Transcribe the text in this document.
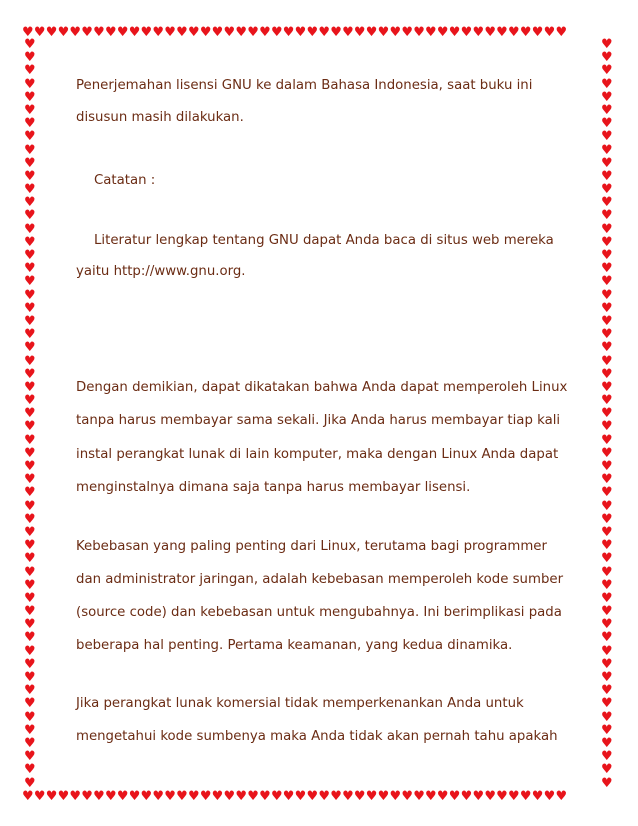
♥♥♥♥♥♥♥♥♥♥♥♥♥♥♥♥♥♥♥♥♥♥♥♥♥♥♥♥♥♥♥♥♥♥♥♥♥♥♥♥♥♥♥♥♥♥
♥♥♥♥♥♥♥♥♥♥♥♥♥♥♥♥♥♥♥♥♥♥♥♥♥♥♥♥♥♥♥♥♥♥♥♥♥♥♥♥♥♥♥♥♥♥
♥
♥
♥
♥
♥
♥
♥
♥
♥
♥
♥
♥
♥
♥
♥
♥
♥
♥
♥
♥
♥
♥
♥
♥
♥
♥
♥
♥
♥
♥
♥
♥
♥
♥
♥
♥
♥
♥
♥
♥
♥
♥
♥
♥
♥
♥
♥
♥
♥
♥
♥
♥
♥
♥
♥
♥
♥
♥
♥
♥
♥
♥
♥
♥
♥
♥
♥
♥
♥
♥
♥
♥
♥
♥
♥
♥
♥
♥
♥
♥
♥
♥
♥
♥
♥
♥
♥
♥
♥
♥
♥
♥
♥
♥
♥
♥
♥
♥
♥
♥
♥
♥
♥
♥
♥
♥
♥
♥
♥
♥
♥
♥
♥
♥
Penerjemahan lisensi GNU ke dalam Bahasa Indonesia, saat buku ini
disusun masih dilakukan.
Catatan :
Literatur lengkap tentang GNU dapat Anda baca di situs web mereka
yaitu http://www.gnu.org.
Dengan demikian, dapat dikatakan bahwa Anda dapat memperoleh Linux
tanpa harus membayar sama sekali. Jika Anda harus membayar tiap kali
instal perangkat lunak di lain komputer, maka dengan Linux Anda dapat
menginstalnya dimana saja tanpa harus membayar lisensi.
Kebebasan yang paling penting dari Linux, terutama bagi programmer
dan administrator jaringan, adalah kebebasan memperoleh kode sumber
(source code) dan kebebasan untuk mengubahnya. Ini berimplikasi pada
beberapa hal penting. Pertama keamanan, yang kedua dinamika.
Jika perangkat lunak komersial tidak memperkenankan Anda untuk
mengetahui kode sumbenya maka Anda tidak akan pernah tahu apakah
